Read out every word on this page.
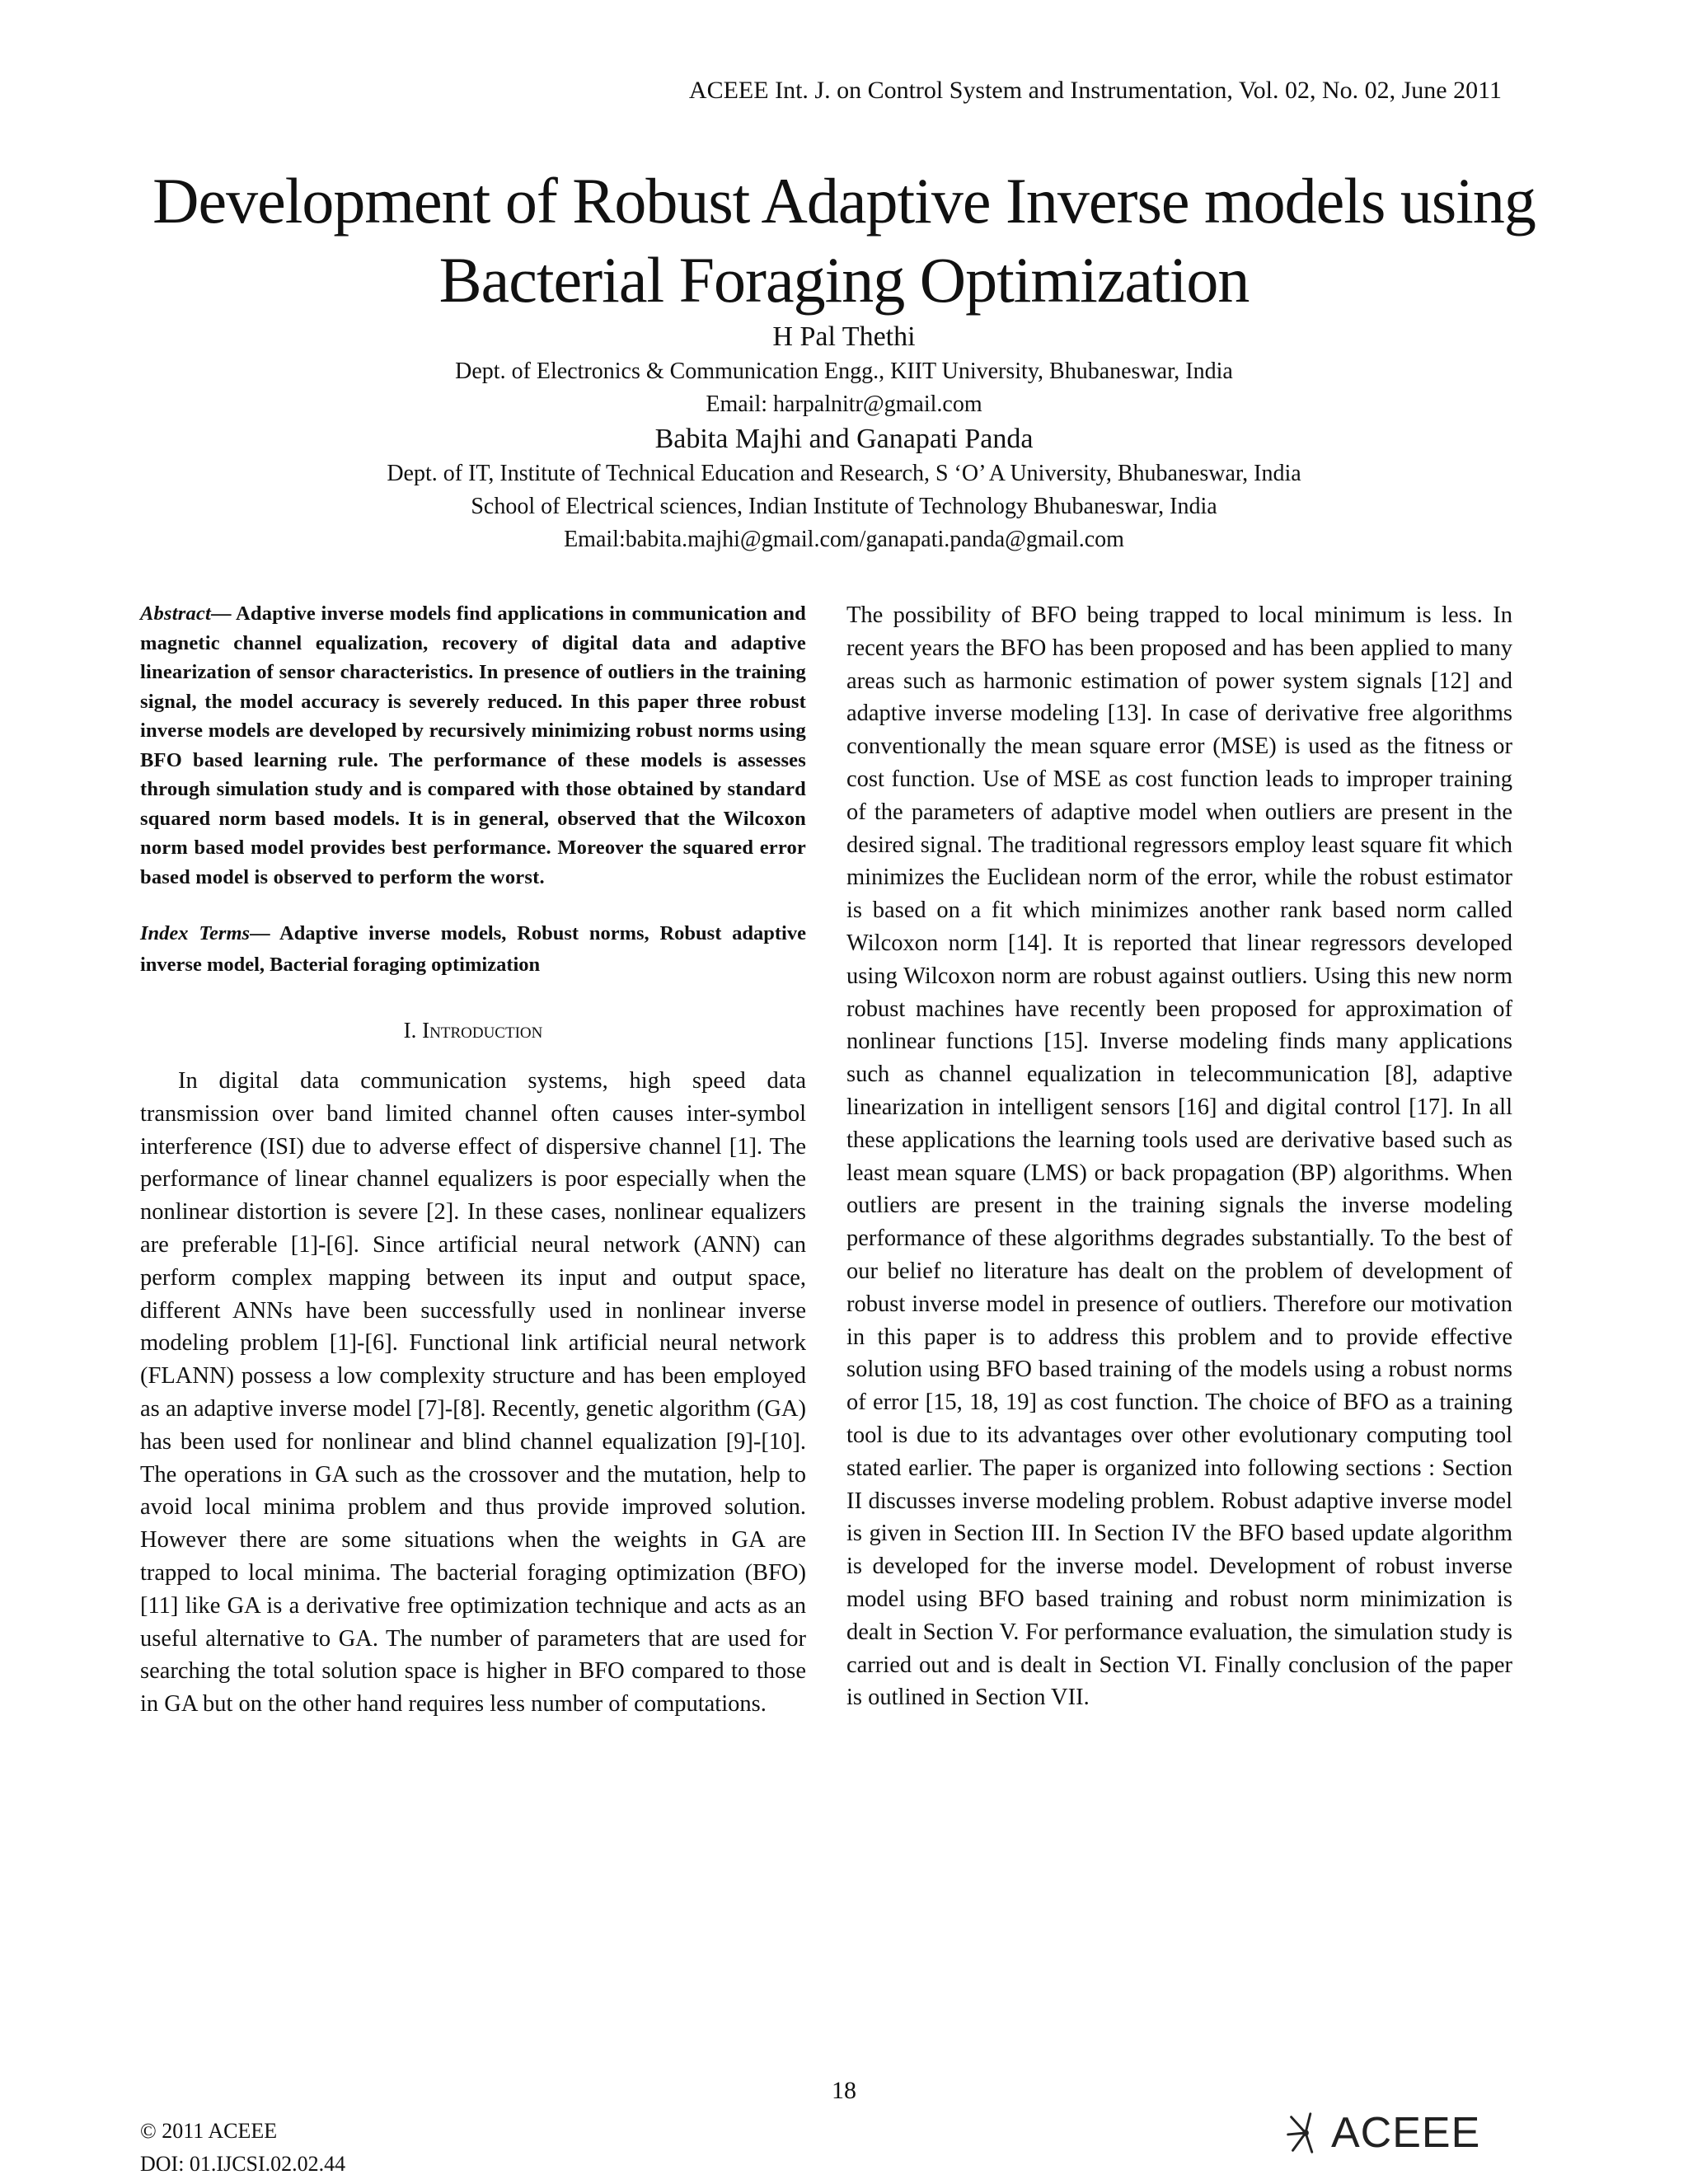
ACEEE Int. J. on Control System and Instrumentation, Vol. 02, No. 02, June 2011
Development of Robust Adaptive Inverse models using
Bacterial Foraging Optimization
H Pal Thethi
Dept. of Electronics & Communication Engg., KIIT University, Bhubaneswar, India
Email: harpalnitr@gmail.com
Babita Majhi and Ganapati Panda
Dept. of IT, Institute of Technical Education and Research, S ‘O’ A University, Bhubaneswar, India
School of Electrical sciences, Indian Institute of Technology Bhubaneswar, India
Email:babita.majhi@gmail.com/ganapati.panda@gmail.com

Abstract— Adaptive inverse models find applications in communication and magnetic channel equalization, recovery of digital data and adaptive linearization of sensor characteristics. In presence of outliers in the training signal, the model accuracy is severely reduced. In this paper three robust inverse models are developed by recursively minimizing robust norms using BFO based learning rule. The performance of these models is assesses through simulation study and is compared with those obtained by standard squared norm based models. It is in general, observed that the Wilcoxon norm based model provides best performance. Moreover the squared error based model is observed to perform the worst.

Index Terms— Adaptive inverse models, Robust norms, Robust adaptive inverse model, Bacterial foraging optimization

I. Introduction

In digital data communication systems, high speed data transmission over band limited channel often causes inter-symbol interference (ISI) due to adverse effect of dispersive channel [1]. The performance of linear channel equalizers is poor especially when the nonlinear distortion is severe [2]. In these cases, nonlinear equalizers are preferable [1]-[6]. Since artificial neural network (ANN) can perform complex mapping between its input and output space, different ANNs have been successfully used in nonlinear inverse modeling problem [1]-[6]. Functional link artificial neural network (FLANN) possess a low complexity structure and has been employed as an adaptive inverse model [7]-[8]. Recently, genetic algorithm (GA) has been used for nonlinear and blind channel equalization [9]-[10]. The operations in GA such as the crossover and the mutation, help to avoid local minima problem and thus provide improved solution. However there are some situations when the weights in GA are trapped to local minima. The bacterial foraging optimization (BFO) [11] like GA is a derivative free optimization technique and acts as an useful alternative to GA. The number of parameters that are used for searching the total solution space is higher in BFO compared to those in GA but on the other hand requires less number of computations.

The possibility of BFO being trapped to local minimum is less. In recent years the BFO has been proposed and has been applied to many areas such as harmonic estimation of power system signals [12] and adaptive inverse modeling [13]. In case of derivative free algorithms conventionally the mean square error (MSE) is used as the fitness or cost function. Use of MSE as cost function leads to improper training of the parameters of adaptive model when outliers are present in the desired signal. The traditional regressors employ least square fit which minimizes the Euclidean norm of the error, while the robust estimator is based on a fit which minimizes another rank based norm called Wilcoxon norm [14]. It is reported that linear regressors developed using Wilcoxon norm are robust against outliers. Using this new norm robust machines have recently been proposed for approximation of nonlinear functions [15]. Inverse modeling finds many applications such as channel equalization in telecommunication [8], adaptive linearization in intelligent sensors [16] and digital control [17]. In all these applications the learning tools used are derivative based such as least mean square (LMS) or back propagation (BP) algorithms. When outliers are present in the training signals the inverse modeling performance of these algorithms degrades substantially. To the best of our belief no literature has dealt on the problem of development of robust inverse model in presence of outliers. Therefore our motivation in this paper is to address this problem and to provide effective solution using BFO based training of the models using a robust norms of error [15, 18, 19] as cost function. The choice of BFO as a training tool is due to its advantages over other evolutionary computing tool stated earlier. The paper is organized into following sections : Section II discusses inverse modeling problem. Robust adaptive inverse model is given in Section III. In Section IV the BFO based update algorithm is developed for the inverse model. Development of robust inverse model using BFO based training and robust norm minimization is dealt in Section V. For performance evaluation, the simulation study is carried out and is dealt in Section VI. Finally conclusion of the paper is outlined in Section VII.

18
© 2011 ACEEE
DOI: 01.IJCSI.02.02.44
ACEEE
